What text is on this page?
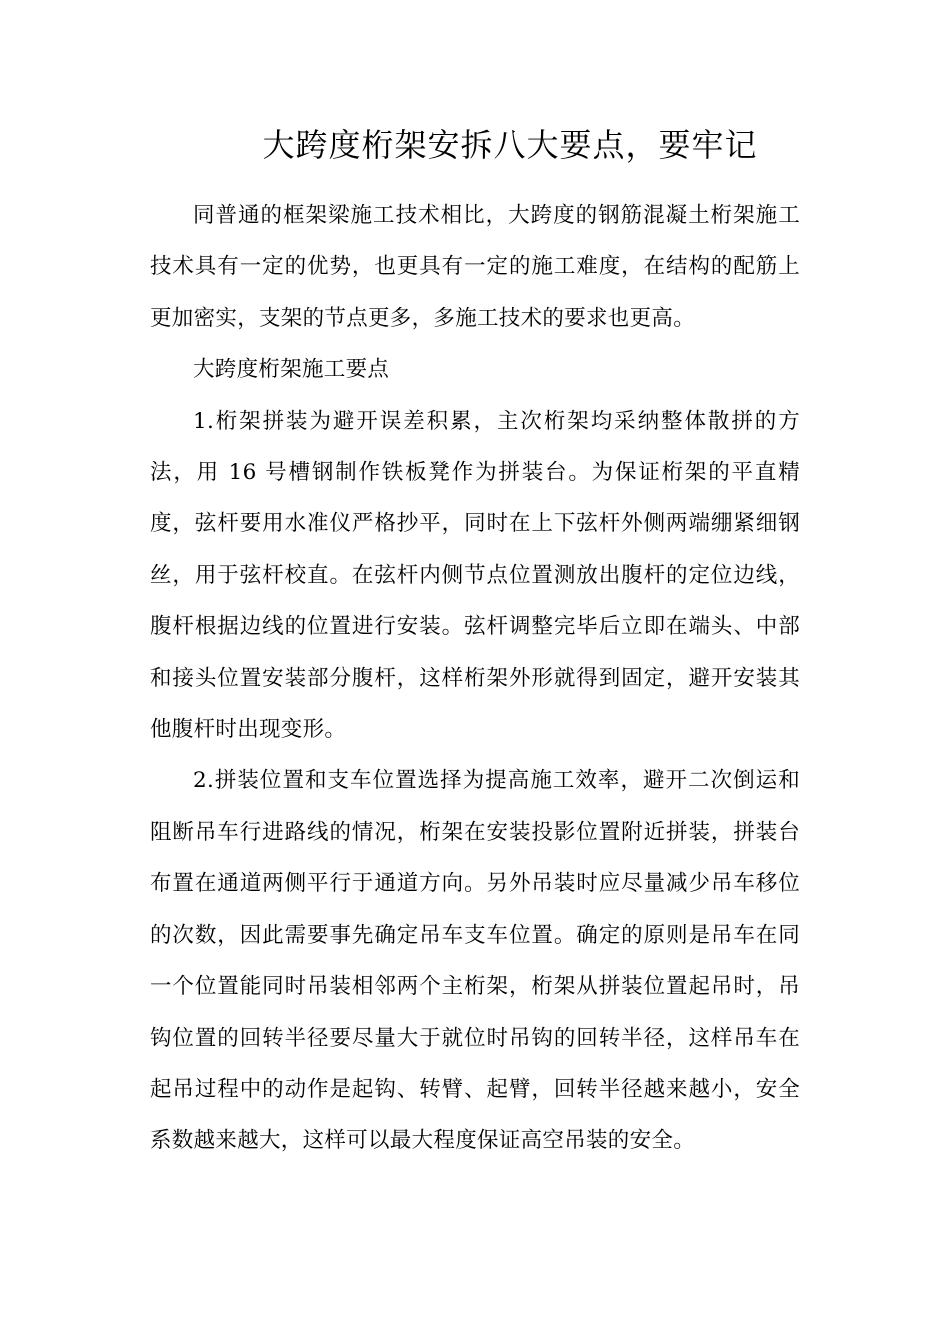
大跨度桁架安拆八大要点，要牢记

同普通的框架梁施工技术相比，大跨度的钢筋混凝土桁架施工技术具有一定的优势，也更具有一定的施工难度，在结构的配筋上更加密实，支架的节点更多，多施工技术的要求也更高。

大跨度桁架施工要点

1.桁架拼装为避开误差积累，主次桁架均采纳整体散拼的方法，用 16 号槽钢制作铁板凳作为拼装台。为保证桁架的平直精度，弦杆要用水准仪严格抄平，同时在上下弦杆外侧两端绷紧细钢丝，用于弦杆校直。在弦杆内侧节点位置测放出腹杆的定位边线，腹杆根据边线的位置进行安装。弦杆调整完毕后立即在端头、中部和接头位置安装部分腹杆，这样桁架外形就得到固定，避开安装其他腹杆时出现变形。

2.拼装位置和支车位置选择为提高施工效率，避开二次倒运和阻断吊车行进路线的情况，桁架在安装投影位置附近拼装，拼装台布置在通道两侧平行于通道方向。另外吊装时应尽量减少吊车移位的次数，因此需要事先确定吊车支车位置。确定的原则是吊车在同一个位置能同时吊装相邻两个主桁架，桁架从拼装位置起吊时，吊钩位置的回转半径要尽量大于就位时吊钩的回转半径，这样吊车在起吊过程中的动作是起钩、转臂、起臂，回转半径越来越小，安全系数越来越大，这样可以最大程度保证高空吊装的安全。
